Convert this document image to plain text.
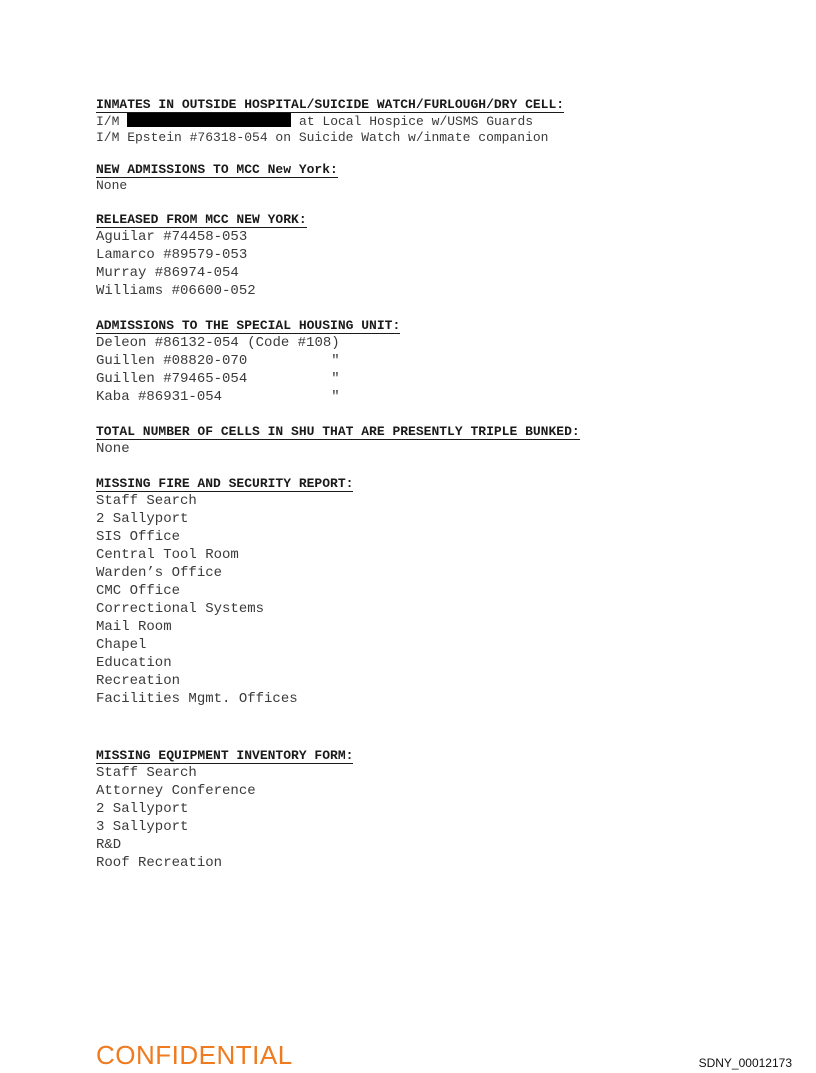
INMATES IN OUTSIDE HOSPITAL/SUICIDE WATCH/FURLOUGH/DRY CELL:
I/M	at Local Hospice w/USMS Guards
I/M Epstein #76318-054 on Suicide Watch w/inmate companion
NEW ADMISSIONS TO MCC New York:
None
RELEASED FROM MCC NEW YORK:
Aguilar #74458-053
Lamarco #89579-053
Murray #86974-054
Williams #06600-052
ADMISSIONS TO THE SPECIAL HOUSING UNIT:
Deleon #86132-054 (Code #108)
Guillen #08820-070	"
Guillen #79465-054	"
Kaba #86931-054	"
TOTAL NUMBER OF CELLS IN SHU THAT ARE PRESENTLY TRIPLE BUNKED:
None
MISSING FIRE AND SECURITY REPORT:
Staff Search
2 Sallyport
SIS Office
Central Tool Room
Warden’s Office
CMC Office
Correctional Systems
Mail Room
Chapel
Education
Recreation
Facilities Mgmt. Offices
MISSING EQUIPMENT INVENTORY FORM:
Staff Search
Attorney Conference
2 Sallyport
3 Sallyport
R&D
Roof Recreation
CONFIDENTIAL	SDNY_00012173
